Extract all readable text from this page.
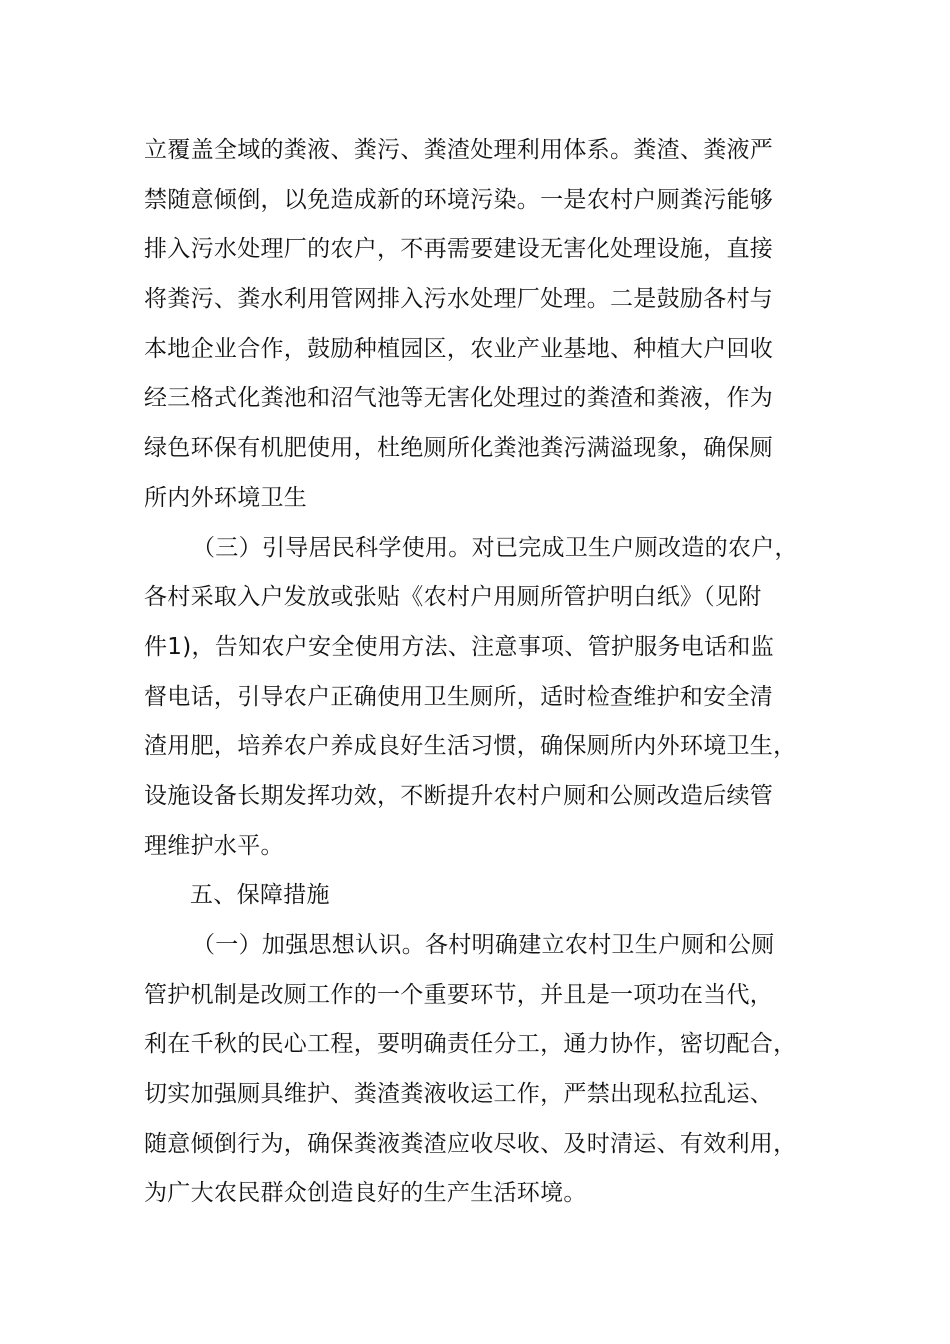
立覆盖全域的粪液、粪污、粪渣处理利用体系。粪渣、粪液严
禁随意倾倒，以免造成新的环境污染。一是农村户厕粪污能够
排入污水处理厂的农户，不再需要建设无害化处理设施，直接
将粪污、粪水利用管网排入污水处理厂处理。二是鼓励各村与
本地企业合作，鼓励种植园区，农业产业基地、种植大户回收
经三格式化粪池和沼气池等无害化处理过的粪渣和粪液，作为
绿色环保有机肥使用，杜绝厕所化粪池粪污满溢现象，确保厕
所内外环境卫生
（三）引导居民科学使用。对已完成卫生户厕改造的农户，
各村采取入户发放或张贴《农村户用厕所管护明白纸》（见附
件1)，告知农户安全使用方法、注意事项、管护服务电话和监
督电话，引导农户正确使用卫生厕所，适时检查维护和安全清
渣用肥，培养农户养成良好生活习惯，确保厕所内外环境卫生，
设施设备长期发挥功效，不断提升农村户厕和公厕改造后续管
理维护水平。
五、保障措施
（一）加强思想认识。各村明确建立农村卫生户厕和公厕
管护机制是改厕工作的一个重要环节，并且是一项功在当代，
利在千秋的民心工程，要明确责任分工，通力协作，密切配合，
切实加强厕具维护、粪渣粪液收运工作，严禁出现私拉乱运、
随意倾倒行为，确保粪液粪渣应收尽收、及时清运、有效利用，
为广大农民群众创造良好的生产生活环境。
